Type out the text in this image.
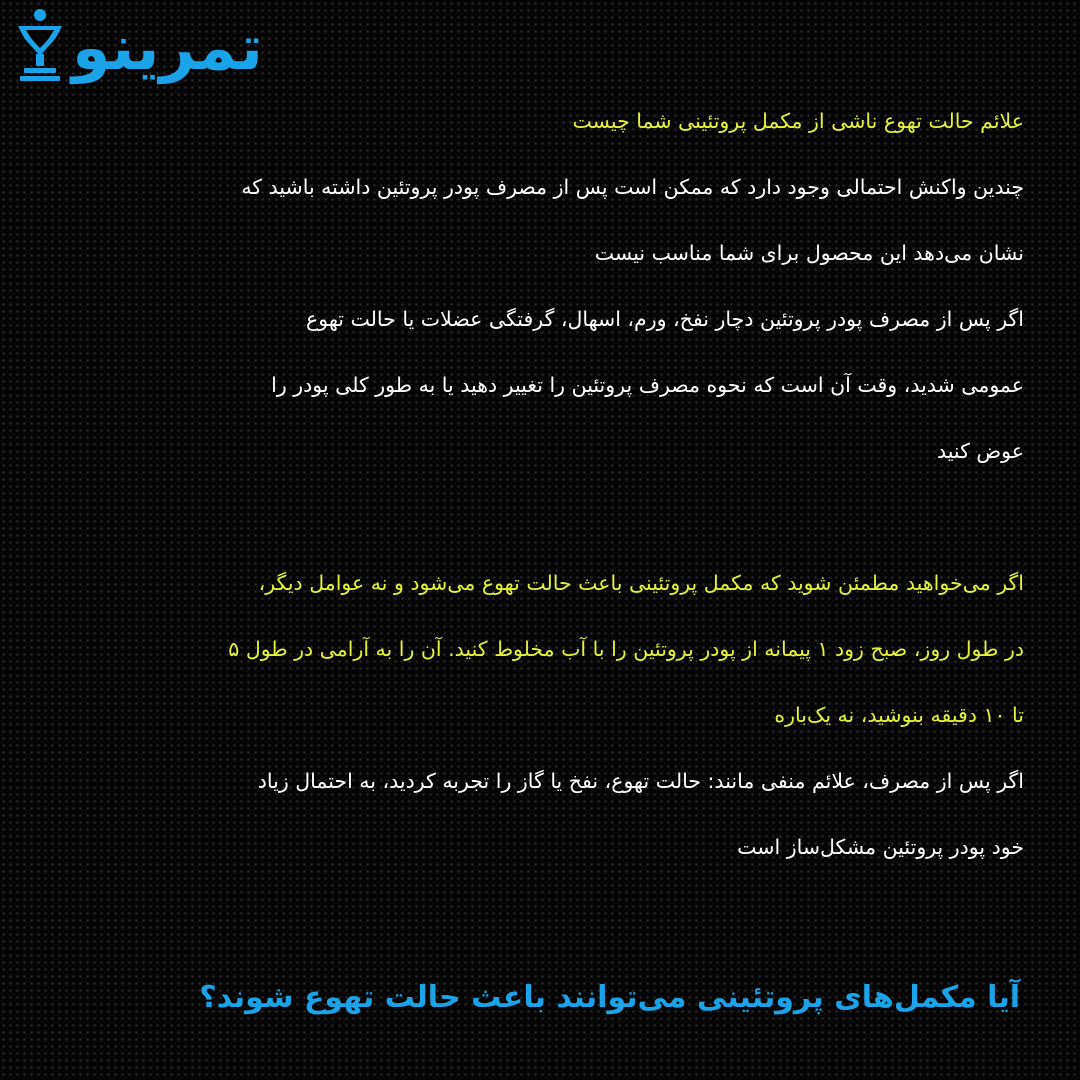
تمرینو

علائم حالت تهوع ناشی از مکمل پروتئینی شما چیست

چندین واکنش احتمالی وجود دارد که ممکن است پس از مصرف پودر پروتئین داشته باشید که
نشان می‌دهد این محصول برای شما مناسب نیست

اگر پس از مصرف پودر پروتئین دچار نفخ، ورم، اسهال، گرفتگی عضلات یا حالت تهوع
عمومی شدید، وقت آن است که نحوه مصرف پروتئین را تغییر دهید یا به طور کلی پودر را
عوض کنید

اگر می‌خواهید مطمئن شوید که مکمل پروتئینی باعث حالت تهوع می‌شود و نه عوامل دیگر،
در طول روز، صبح زود ۱ پیمانه از پودر پروتئین را با آب مخلوط کنید. آن را به آرامی در طول ۵
تا ۱۰ دقیقه بنوشید، نه یک‌باره

اگر پس از مصرف، علائم منفی مانند: حالت تهوع، نفخ یا گاز را تجربه کردید، به احتمال زیاد
خود پودر پروتئین مشکل‌ساز است

آیا مکمل‌های پروتئینی می‌توانند باعث حالت تهوع شوند؟
